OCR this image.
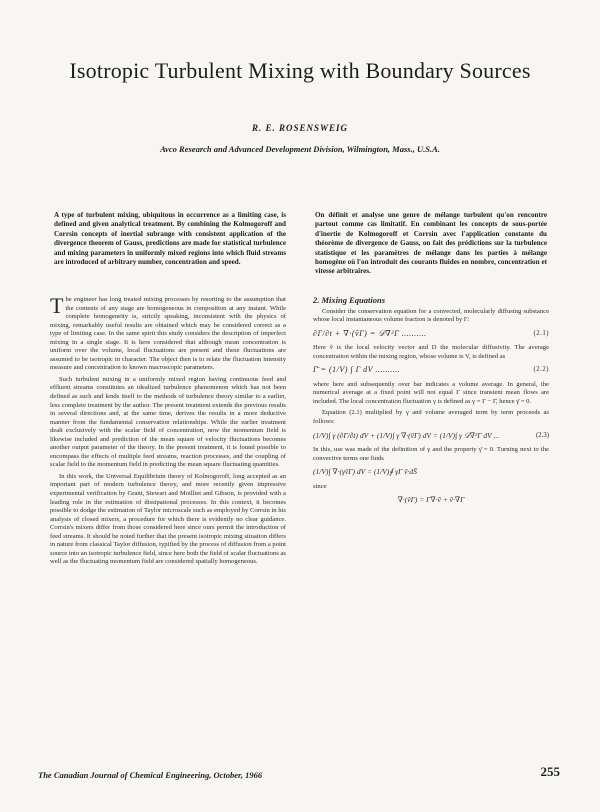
Isotropic Turbulent Mixing with Boundary Sources
R. E. ROSENSWEIG
Avco Research and Advanced Development Division, Wilmington, Mass., U.S.A.

A type of turbulent mixing, ubiquitous in occurrence as a limiting case, is defined and given analytical treatment. By combining the Kolmogoroff and Corrsin concepts of inertial subrange with consistent application of the divergence theorem of Gauss, predictions are made for statistical turbulence and mixing parameters in uniformly mixed regions into which fluid streams are introduced of arbitrary number, concentration and speed.

On définit et analyse une genre de mélange turbulent qu'on rencontre partout comme cas limitatif. En combinant les concepts de sous-portée d'inertie de Kolmogoroff et Corrsin avec l'application constante du théorème de divergence de Gauss, on fait des prédictions sur la turbulence statistique et les paramètres de mélange dans les parties à mélange homogène où l'on introduit des courants fluides en nombre, concentration et vitesse arbitraires.

The engineer has long treated mixing processes by resorting to the assumption that the contents of any stage are homogeneous in composition at any instant. While complete homogeneity is, strictly speaking, inconsistent with the physics of mixing, remarkably useful results are obtained which may be considered correct as a type of limiting case. In the same spirit this study considers the description of imperfect mixing in a single stage. It is here considered that although mean concentration is uniform over the volume, local fluctuations are present and these fluctuations are assumed to be isotropic in character. The object then is to relate the fluctuation intensity measure and concentration to known macroscopic parameters.

Such turbulent mixing in a uniformly mixed region having continuous feed and effluent streams constitutes an idealized turbulence phenomenon which has not been defined as such and lends itself to the methods of turbulence theory similar to a earlier, less complete treatment by the author. The present treatment extends the previous results in several directions and, at the same time, derives the results in a more deductive manner from the fundamental conservation relationships. While the earlier treatment dealt exclusively with the scalar field of concentration, now the momentum field is likewise included and prediction of the mean square of velocity fluctuations becomes another output parameter of the theory. In the present treatment, it is found possible to encompass the effects of multiple feed streams, reaction processes, and the coupling of scalar field to the momentum field in predicting the mean square fluctuating quantities.

In this work, the Universal Equilibrium theory of Kolmogoroff, long accepted as an important part of modern turbulence theory, and more recently given impressive experimental verification by Grant, Stewart and Moilliet and Gibson, is provided with a leading role in the estimation of dissipational processes. In this context, it becomes possible to dodge the estimation of Taylor microscale such as employed by Corrsin in his analysis of closed mixers, a procedure for which there is evidently no clear guidance. Corrsin's mixers differ from those considered here since ours permit the introduction of feed streams. It should be noted further that the present isotropic mixing situation differs in nature from classical Taylor diffusion, typified by the process of diffusion from a point source into an isotropic turbulence field, since here both the field of scalar fluctuations as well as the fluctuating momentum field are considered spatially homogeneous.

2. Mixing Equations

Consider the conservation equation for a convected, molecularly diffusing substance whose local instantaneous volume fraction is denoted by Γ:

∂Γ/∂t + ∇·(ṽΓ) = 𝒟∇²Γ ..........	(2.1)

Here ṽ is the local velocity vector and D the molecular diffusivity. The average concentration within the mixing region, whose volume is V, is defined as

Γ̄ = (1/V) ∫ Γ dV ..........	(2.2)

where here and subsequently over bar indicates a volume average. In general, the numerical average at a fixed point will not equal Γ since transient mean flows are included. The local concentration fluctuation γ is defined as γ = Γ − Γ̄, hence γ̄ = 0.

Equation (2.1) multiplied by γ and volume averaged term by term proceeds as follows:

(1/V)∫ γ (∂Γ/∂t) dV + (1/V)∫ γ ∇·(ṽΓ) dV = (1/V)∫ γ 𝒟∇²Γ dV ...	(2.3)

In this, use was made of the definition of γ and the property γ̄ = 0. Turning next to the convective terms one finds

(1/V)∫ ∇·(γṽΓ) dV = (1/V)∮ γΓ ṽ·dS̄

since

∇·(ṽΓ) = Γ∇·ṽ + ṽ·∇Γ
The Canadian Journal of Chemical Engineering, October, 1966	255
